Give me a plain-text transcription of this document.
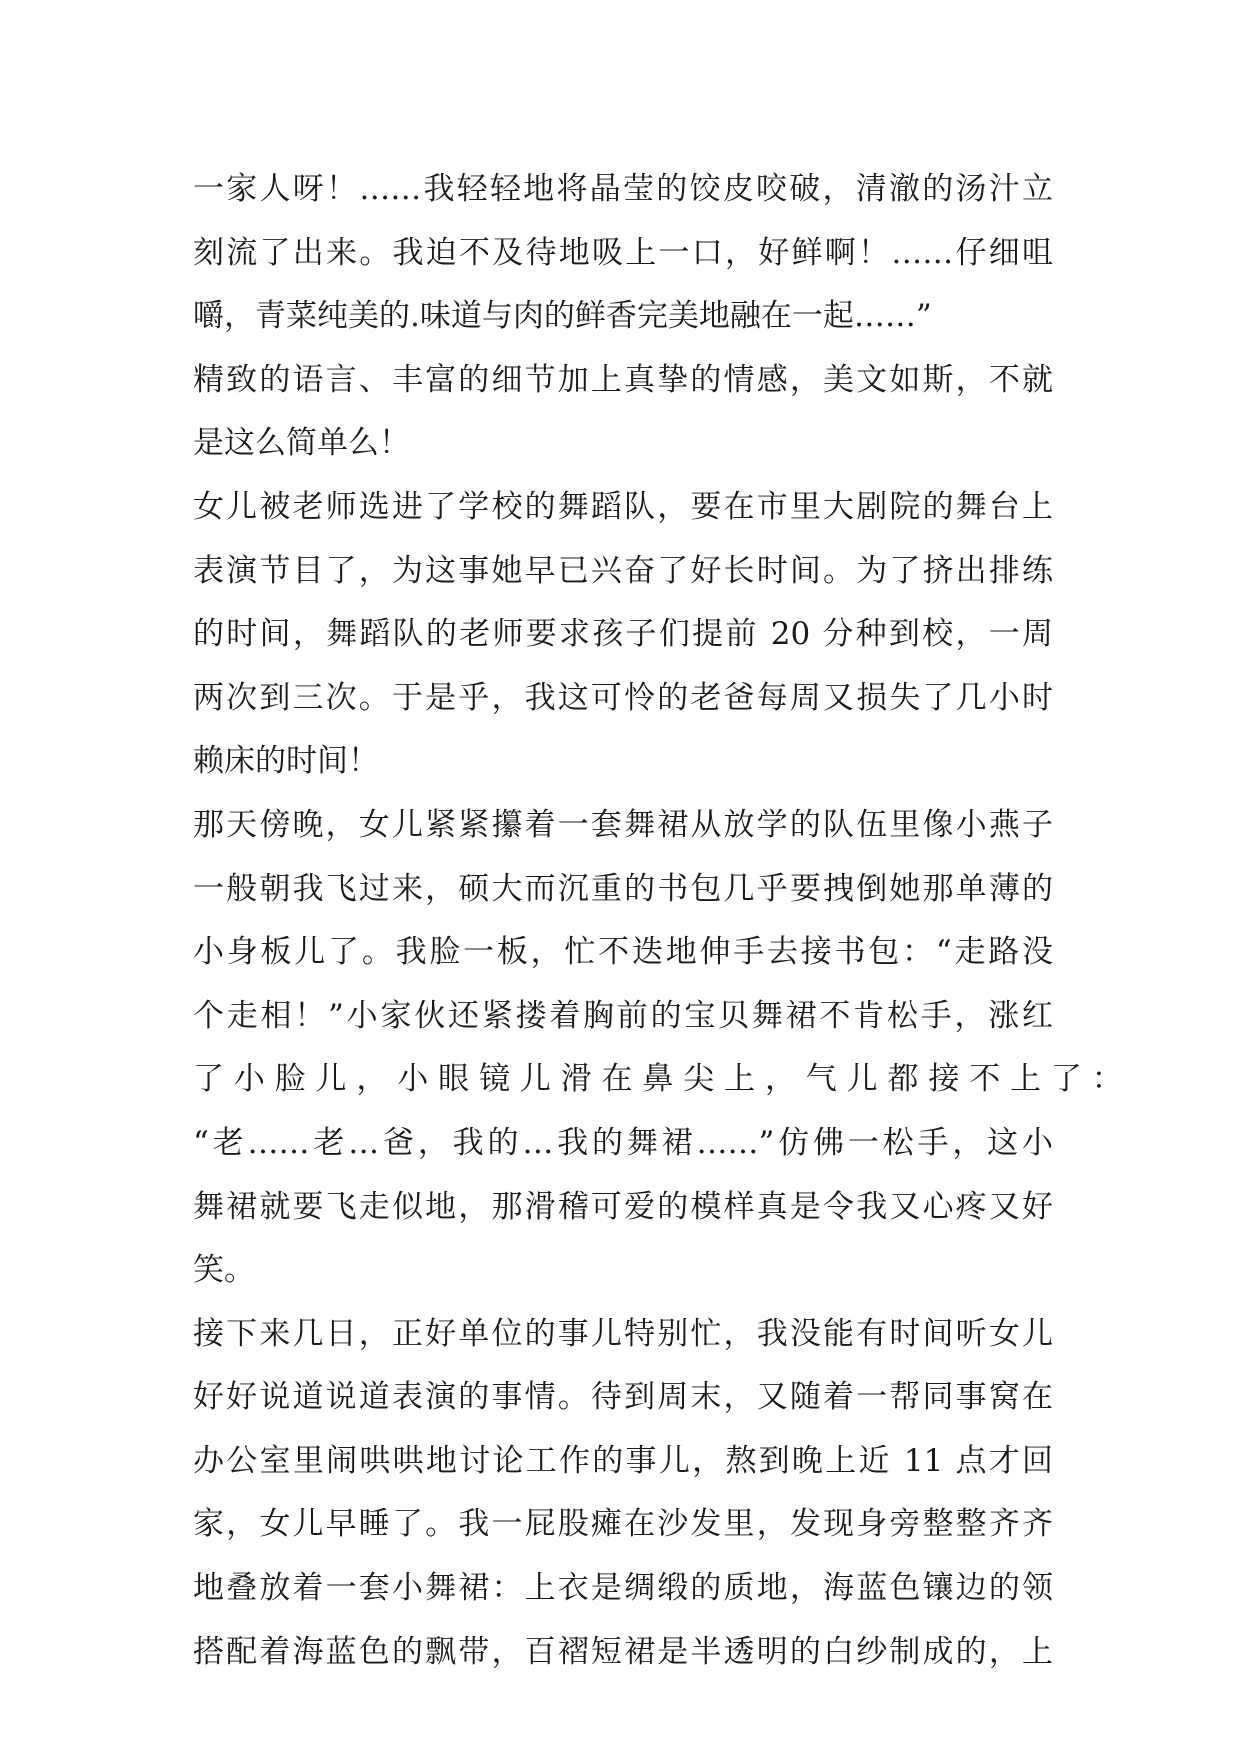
一家人呀！……我轻轻地将晶莹的饺皮咬破，清澈的汤汁立
刻流了出来。我迫不及待地吸上一口，好鲜啊！……仔细咀
嚼，青菜纯美的.味道与肉的鲜香完美地融在一起……”
精致的语言、丰富的细节加上真挚的情感，美文如斯，不就
是这么简单么！
女儿被老师选进了学校的舞蹈队，要在市里大剧院的舞台上
表演节目了，为这事她早已兴奋了好长时间。为了挤出排练
的时间，舞蹈队的老师要求孩子们提前 20 分种到校，一周
两次到三次。于是乎，我这可怜的老爸每周又损失了几小时
赖床的时间！
那天傍晚，女儿紧紧攥着一套舞裙从放学的队伍里像小燕子
一般朝我飞过来，硕大而沉重的书包几乎要拽倒她那单薄的
小身板儿了。我脸一板，忙不迭地伸手去接书包：“走路没
个走相！”小家伙还紧搂着胸前的宝贝舞裙不肯松手，涨红
了 小 脸 儿 ， 小 眼 镜 儿 滑 在 鼻 尖 上 ， 气 儿 都 接 不 上 了 ：
“老……老…爸，我的…我的舞裙……”仿佛一松手，这小
舞裙就要飞走似地，那滑稽可爱的模样真是令我又心疼又好
笑。
接下来几日，正好单位的事儿特别忙，我没能有时间听女儿
好好说道说道表演的事情。待到周末，又随着一帮同事窝在
办公室里闹哄哄地讨论工作的事儿，熬到晚上近 11 点才回
家，女儿早睡了。我一屁股瘫在沙发里，发现身旁整整齐齐
地叠放着一套小舞裙：上衣是绸缎的质地，海蓝色镶边的领
搭配着海蓝色的飘带，百褶短裙是半透明的白纱制成的，上
